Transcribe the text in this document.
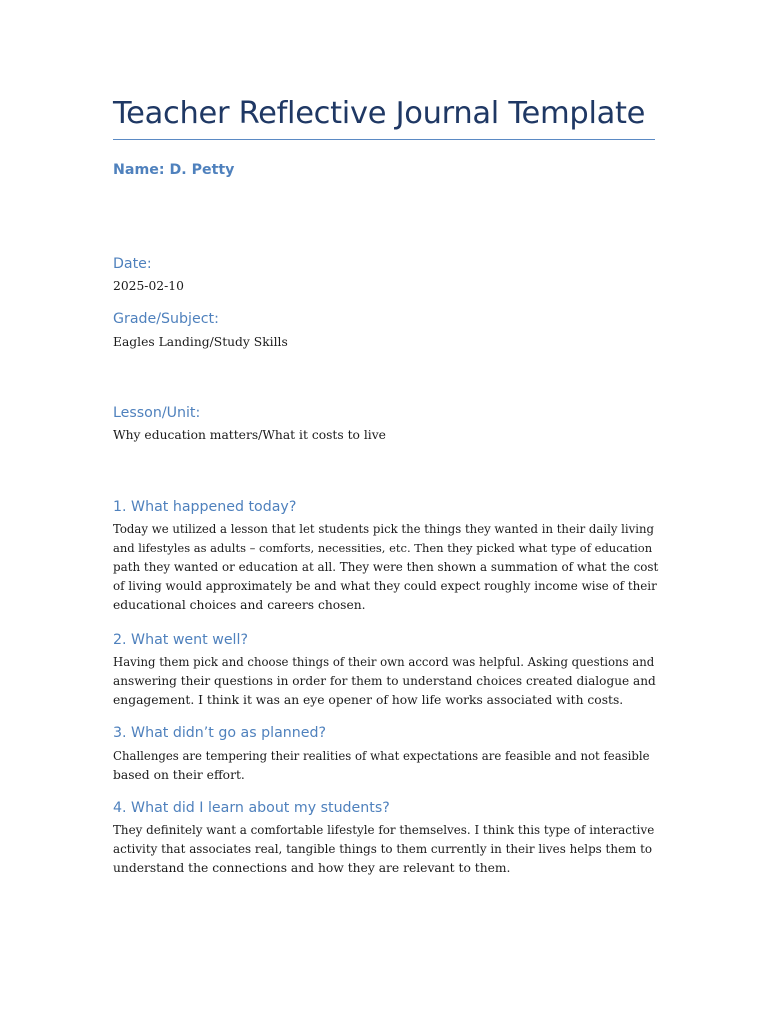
Teacher Reflective Journal Template
Name: D. Petty
Date:
2025-02-10
Grade/Subject:
Eagles Landing/Study Skills
Lesson/Unit:
Why education matters/What it costs to live
1. What happened today?
Today we utilized a lesson that let students pick the things they wanted in their daily living
and lifestyles as adults – comforts, necessities, etc. Then they picked what type of education
path they wanted or education at all. They were then shown a summation of what the cost
of living would approximately be and what they could expect roughly income wise of their
educational choices and careers chosen.
2. What went well?
Having them pick and choose things of their own accord was helpful. Asking questions and
answering their questions in order for them to understand choices created dialogue and
engagement. I think it was an eye opener of how life works associated with costs.
3. What didn’t go as planned?
Challenges are tempering their realities of what expectations are feasible and not feasible
based on their effort.
4. What did I learn about my students?
They definitely want a comfortable lifestyle for themselves. I think this type of interactive
activity that associates real, tangible things to them currently in their lives helps them to
understand the connections and how they are relevant to them.
